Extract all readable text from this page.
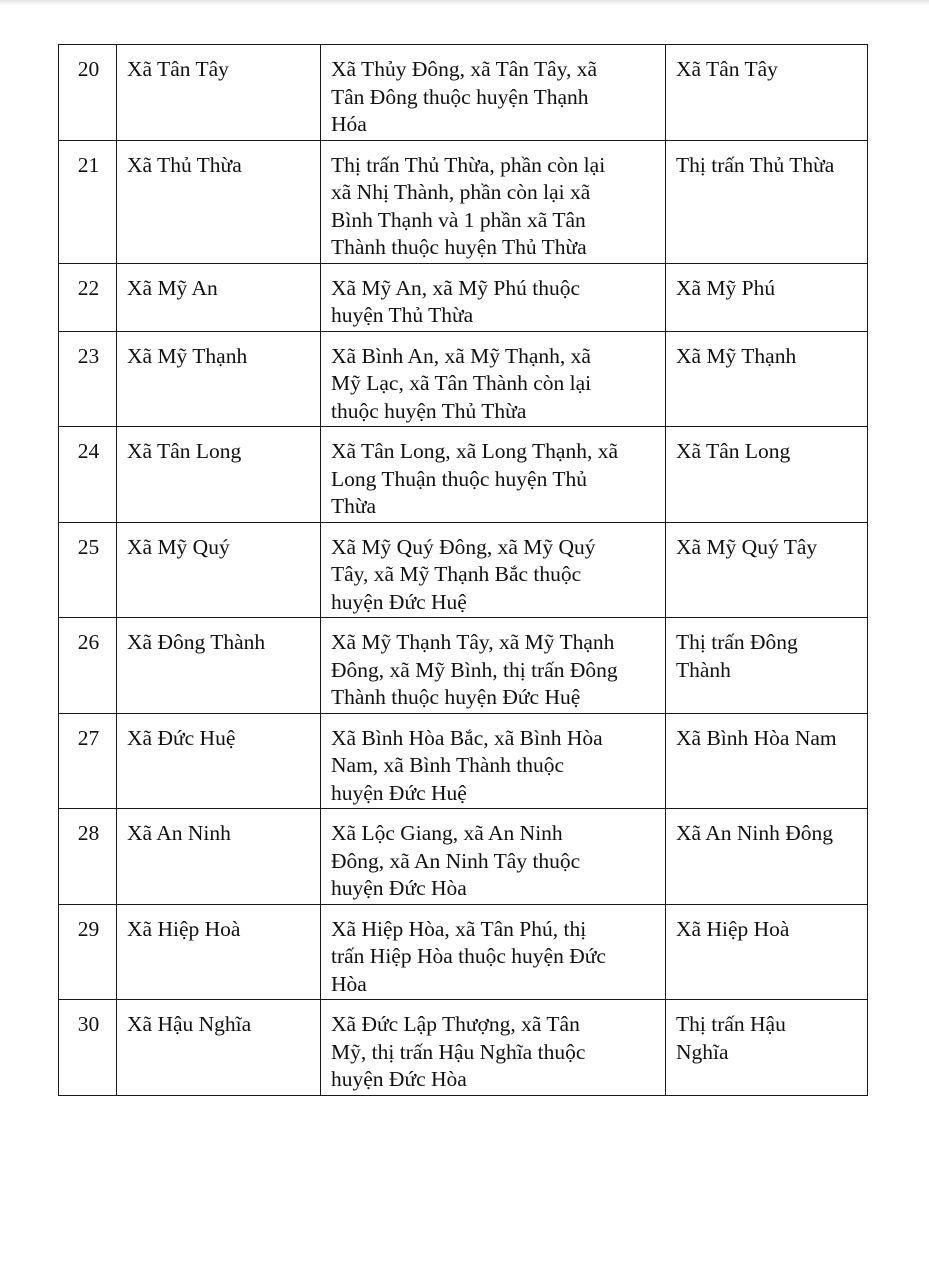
20	Xã Tân Tây	Xã Thủy Đông, xã Tân Tây, xã
Tân Đông thuộc huyện Thạnh
Hóa	Xã Tân Tây

21	Xã Thủ Thừa	Thị trấn Thủ Thừa, phần còn lại
xã Nhị Thành, phần còn lại xã
Bình Thạnh và 1 phần xã Tân
Thành thuộc huyện Thủ Thừa	Thị trấn Thủ Thừa

22	Xã Mỹ An	Xã Mỹ An, xã Mỹ Phú thuộc
huyện Thủ Thừa	Xã Mỹ Phú

23	Xã Mỹ Thạnh	Xã Bình An, xã Mỹ Thạnh, xã
Mỹ Lạc, xã Tân Thành còn lại
thuộc huyện Thủ Thừa	Xã Mỹ Thạnh

24	Xã Tân Long	Xã Tân Long, xã Long Thạnh, xã
Long Thuận thuộc huyện Thủ
Thừa	Xã Tân Long

25	Xã Mỹ Quý	Xã Mỹ Quý Đông, xã Mỹ Quý
Tây, xã Mỹ Thạnh Bắc thuộc
huyện Đức Huệ	Xã Mỹ Quý Tây

26	Xã Đông Thành	Xã Mỹ Thạnh Tây, xã Mỹ Thạnh
Đông, xã Mỹ Bình, thị trấn Đông
Thành thuộc huyện Đức Huệ	Thị trấn Đông
Thành

27	Xã Đức Huệ	Xã Bình Hòa Bắc, xã Bình Hòa
Nam, xã Bình Thành thuộc
huyện Đức Huệ	Xã Bình Hòa Nam

28	Xã An Ninh	Xã Lộc Giang, xã An Ninh
Đông, xã An Ninh Tây thuộc
huyện Đức Hòa	Xã An Ninh Đông

29	Xã Hiệp Hoà	Xã Hiệp Hòa, xã Tân Phú, thị
trấn Hiệp Hòa thuộc huyện Đức
Hòa	Xã Hiệp Hoà

30	Xã Hậu Nghĩa	Xã Đức Lập Thượng, xã Tân
Mỹ, thị trấn Hậu Nghĩa thuộc
huyện Đức Hòa	Thị trấn Hậu
Nghĩa
